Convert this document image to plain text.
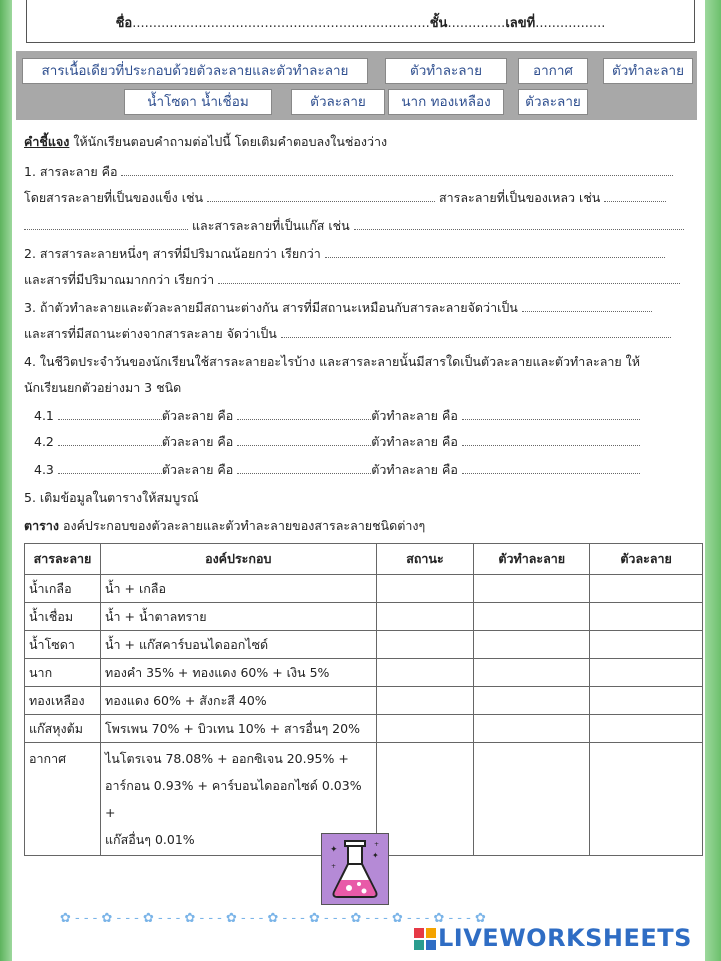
ชื่อ........................................................................ชั้น..............เลขที่.................
สารเนื้อเดียวที่ประกอบด้วยตัวละลายและตัวทำละลาย	ตัวทำละลาย	อากาศ	ตัวทำละลาย
น้ำโซดา น้ำเชื่อม	ตัวละลาย	นาก ทองเหลือง	ตัวละลาย
คำชี้แจง ให้นักเรียนตอบคำถามต่อไปนี้ โดยเติมคำตอบลงในช่องว่าง
1. สารละลาย คือ
โดยสารละลายที่เป็นของแข็ง เช่น	สารละลายที่เป็นของเหลว เช่น
และสารละลายที่เป็นแก๊ส เช่น
2. สารสารละลายหนึ่งๆ สารที่มีปริมาณน้อยกว่า เรียกว่า
และสารที่มีปริมาณมากกว่า เรียกว่า
3. ถ้าตัวทำละลายและตัวละลายมีสถานะต่างกัน สารที่มีสถานะเหมือนกับสารละลายจัดว่าเป็น
และสารที่มีสถานะต่างจากสารละลาย จัดว่าเป็น
4. ในชีวิตประจำวันของนักเรียนใช้สารละลายอะไรบ้าง และสารละลายนั้นมีสารใดเป็นตัวละลายและตัวทำละลาย ให้
นักเรียนยกตัวอย่างมา 3 ชนิด
4.1	ตัวละลาย คือ	ตัวทำละลาย คือ
4.2	ตัวละลาย คือ	ตัวทำละลาย คือ
4.3	ตัวละลาย คือ	ตัวทำละลาย คือ
5. เติมข้อมูลในตารางให้สมบูรณ์
ตาราง องค์ประกอบของตัวละลายและตัวทำละลายของสารละลายชนิดต่างๆ
สารละลาย	องค์ประกอบ	สถานะ	ตัวทำละลาย	ตัวละลาย
น้ำเกลือ	น้ำ + เกลือ			
น้ำเชื่อม	น้ำ + น้ำตาลทราย			
น้ำโซดา	น้ำ + แก๊สคาร์บอนไดออกไซด์			
นาก	ทองคำ 35% + ทองแดง 60% + เงิน 5%			
ทองเหลือง	ทองแดง 60% + สังกะสี 40%			
แก๊สหุงต้ม	โพรเพน 70% + บิวเทน 10% + สารอื่นๆ 20%			
อากาศ	ไนโตรเจน 78.08% + ออกซิเจน 20.95% +
อาร์กอน 0.93% + คาร์บอนไดออกไซด์ 0.03% +
แก๊สอื่นๆ 0.01%			

✦
✦
+
+
✿ - - - ✿ - - - ✿ - - - ✿ - - - ✿ - - - ✿ - - - ✿ - - - ✿ - - - ✿ - - - ✿ - - - ✿
LIVEWORKSHEETS
